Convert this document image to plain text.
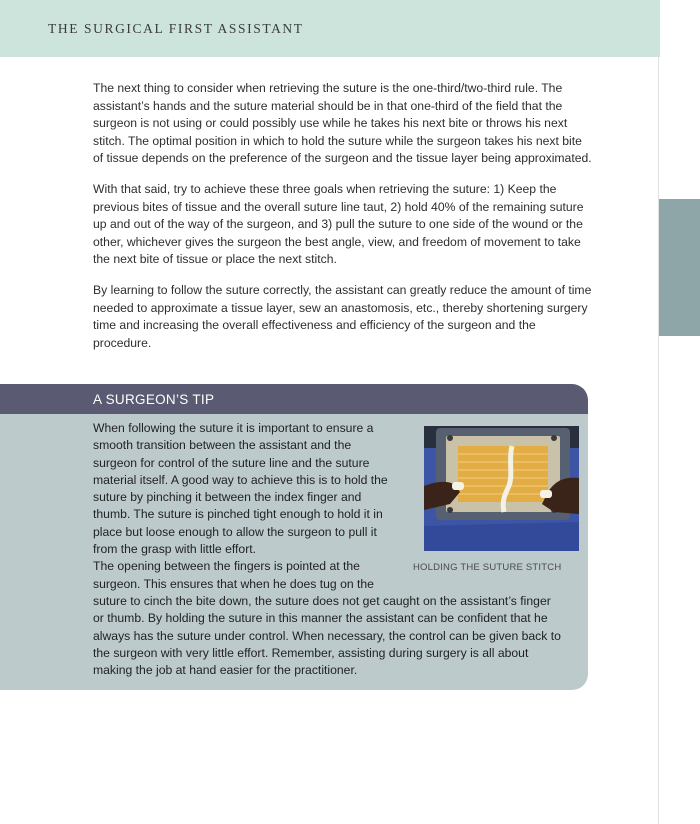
THE SURGICAL FIRST ASSISTANT

The next thing to consider when retrieving the suture is the one-third/two-third rule. The assistant’s hands and the suture material should be in that one-third of the field that the surgeon is not using or could possibly use while he takes his next bite or throws his next stitch. The optimal position in which to hold the suture while the surgeon takes his next bite of tissue depends on the preference of the surgeon and the tissue layer being approximated.

With that said, try to achieve these three goals when retrieving the suture: 1) Keep the previous bites of tissue and the overall suture line taut, 2) hold 40% of the remaining suture up and out of the way of the surgeon, and 3) pull the suture to one side of the wound or the other, whichever gives the surgeon the best angle, view, and freedom of movement to take the next bite of tissue or place the next stitch.

By learning to follow the suture correctly, the assistant can greatly reduce the amount of time needed to approximate a tissue layer, sew an anastomosis, etc., thereby shortening surgery time and increasing the overall effectiveness and efficiency of the surgeon and the procedure.

A SURGEON’S TIP
HOLDING THE SUTURE STITCH

When following the suture it is important to ensure a smooth transition between the assistant and the surgeon for control of the suture line and the suture material itself. A good way to achieve this is to hold the suture by pinching it between the index finger and thumb. The suture is pinched tight enough to hold it in place but loose enough to allow the surgeon to pull it from the grasp with little effort.

The opening between the fingers is pointed at the surgeon. This ensures that when he does tug on the suture to cinch the bite down, the suture does not get caught on the assistant’s finger or thumb. By holding the suture in this manner the assistant can be confident that he always has the suture under control. When necessary, the control can be given back to the surgeon with very little effort. Remember, assisting during surgery is all about making the job at hand easier for the practitioner.
